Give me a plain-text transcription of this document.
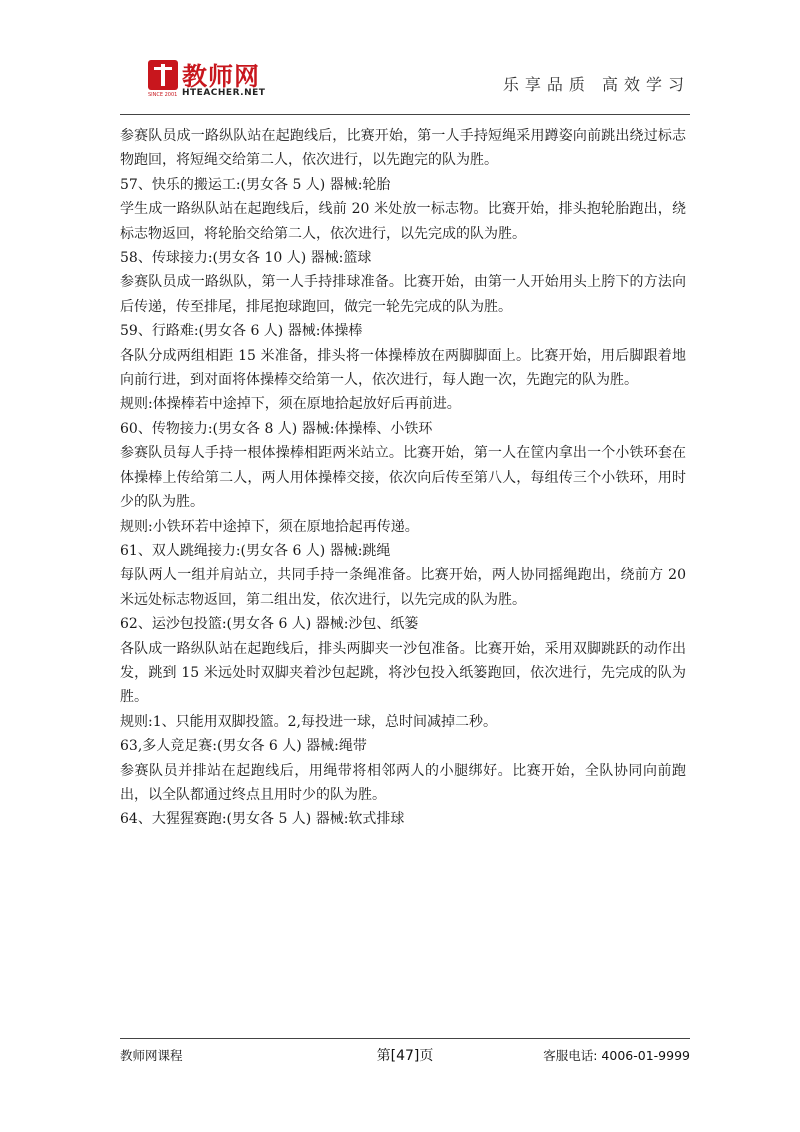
教师网
SINCE 2001 HTEACHER.NET	乐享品质 高效学习

参赛队员成一路纵队站在起跑线后，比赛开始，第一人手持短绳采用蹲姿向前跳出绕过标志物跑回，将短绳交给第二人，依次进行，以先跑完的队为胜。

57、快乐的搬运工:(男女各 5 人) 器械:轮胎

学生成一路纵队站在起跑线后，线前 20 米处放一标志物。比赛开始，排头抱轮胎跑出，绕标志物返回，将轮胎交给第二人，依次进行，以先完成的队为胜。

58、传球接力:(男女各 10 人) 器械:篮球

参赛队员成一路纵队，第一人手持排球准备。比赛开始，由第一人开始用头上胯下的方法向后传递，传至排尾，排尾抱球跑回，做完一轮先完成的队为胜。

59、行路难:(男女各 6 人) 器械:体操棒

各队分成两组相距 15 米准备，排头将一体操棒放在两脚脚面上。比赛开始，用后脚跟着地向前行进，到对面将体操棒交给第一人，依次进行，每人跑一次，先跑完的队为胜。

规则:体操棒若中途掉下，须在原地拾起放好后再前进。

60、传物接力:(男女各 8 人) 器械:体操棒、小铁环

参赛队员每人手持一根体操棒相距两米站立。比赛开始，第一人在筐内拿出一个小铁环套在体操棒上传给第二人，两人用体操棒交接，依次向后传至第八人，每组传三个小铁环，用时少的队为胜。

规则:小铁环若中途掉下，须在原地拾起再传递。

61、双人跳绳接力:(男女各 6 人) 器械:跳绳

每队两人一组并肩站立，共同手持一条绳准备。比赛开始，两人协同摇绳跑出，绕前方 20 米远处标志物返回，第二组出发，依次进行，以先完成的队为胜。

62、运沙包投篮:(男女各 6 人) 器械:沙包、纸篓

各队成一路纵队站在起跑线后，排头两脚夹一沙包准备。比赛开始，采用双脚跳跃的动作出发，跳到 15 米远处时双脚夹着沙包起跳，将沙包投入纸篓跑回，依次进行，先完成的队为胜。

规则:1、只能用双脚投篮。2,每投进一球，总时间减掉二秒。

63,多人竞足赛:(男女各 6 人) 器械:绳带

参赛队员并排站在起跑线后，用绳带将相邻两人的小腿绑好。比赛开始，全队协同向前跑出，以全队都通过终点且用时少的队为胜。

64、大猩猩赛跑:(男女各 5 人) 器械:软式排球

教师网课程	第[47]页	客服电话: 4006-01-9999
